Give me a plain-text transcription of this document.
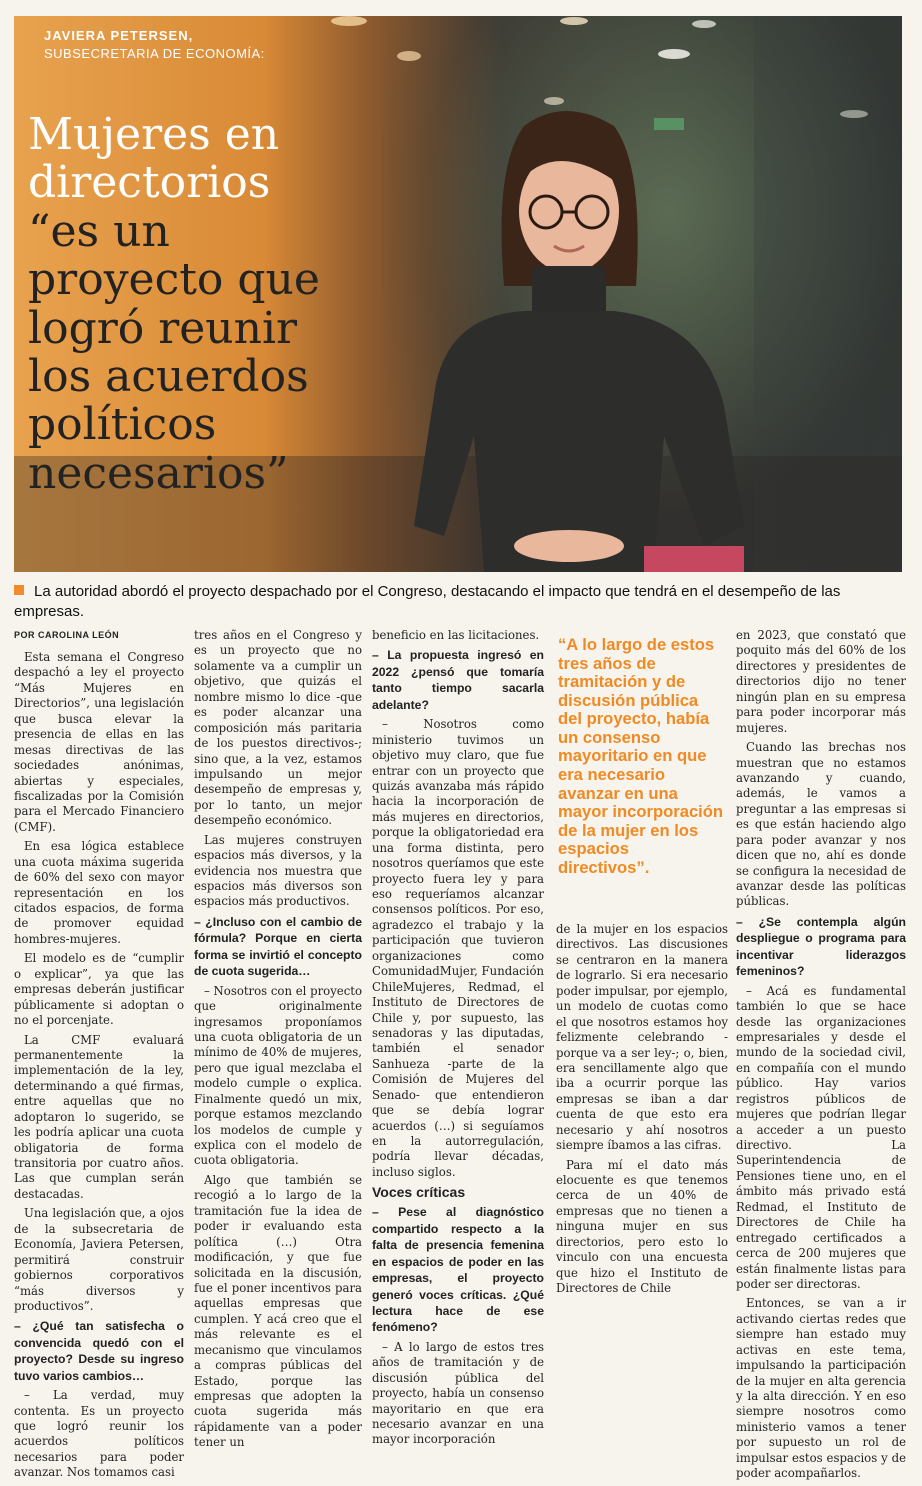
JAVIERA PETERSEN,
SUBSECRETARIA DE ECONOMÍA:
Mujeres en
directorios
“es un
proyecto que
logró reunir
los acuerdos
políticos
necesarios”
La autoridad abordó el proyecto despachado por el Congreso, destacando el impacto que tendrá en el desempeño de las empresas.

POR CAROLINA LEÓN

Esta semana el Congreso despachó a ley el proyecto “Más Mujeres en Directorios”, una legislación que busca elevar la presencia de ellas en las mesas directivas de las sociedades anónimas, abiertas y especiales, fiscalizadas por la Comisión para el Mercado Financiero (CMF).

En esa lógica establece una cuota máxima sugerida de 60% del sexo con mayor representación en los citados espacios, de forma de promover equidad hombres-mujeres.

El modelo es de “cumplir o explicar”, ya que las empresas deberán justificar públicamente si adoptan o no el porcenjate.

La CMF evaluará permanentemente la implementación de la ley, determinando a qué firmas, entre aquellas que no adoptaron lo sugerido, se les podría aplicar una cuota obligatoria de forma transitoria por cuatro años. Las que cumplan serán destacadas.

Una legislación que, a ojos de la subsecretaria de Economía, Javiera Petersen, permitirá construir gobiernos corporativos “más diversos y productivos”.

– ¿Qué tan satisfecha o convencida quedó con el proyecto? Desde su ingreso tuvo varios cambios…

– La verdad, muy contenta. Es un proyecto que logró reunir los acuerdos políticos necesarios para poder avanzar. Nos tomamos casi

tres años en el Congreso y es un proyecto que no solamente va a cumplir un objetivo, que quizás el nombre mismo lo dice -que es poder alcanzar una composición más paritaria de los puestos directivos-; sino que, a la vez, estamos impulsando un mejor desempeño de empresas y, por lo tanto, un mejor desempeño económico.

Las mujeres construyen espacios más diversos, y la evidencia nos muestra que espacios más diversos son espacios más productivos.

– ¿Incluso con el cambio de fórmula? Porque en cierta forma se invirtió el concepto de cuota sugerida…

– Nosotros con el proyecto que originalmente ingresamos proponíamos una cuota obligatoria de un mínimo de 40% de mujeres, pero que igual mezclaba el modelo cumple o explica. Finalmente quedó un mix, porque estamos mezclando los modelos de cumple y explica con el modelo de cuota obligatoria.

Algo que también se recogió a lo largo de la tramitación fue la idea de poder ir evaluando esta política (…) Otra modificación, y que fue solicitada en la discusión, fue el poner incentivos para aquellas empresas que cumplen. Y acá creo que el más relevante es el mecanismo que vinculamos a compras públicas del Estado, porque las empresas que adopten la cuota sugerida más rápidamente van a poder tener un

beneficio en las licitaciones.

– La propuesta ingresó en 2022 ¿pensó que tomaría tanto tiempo sacarla adelante?

– Nosotros como ministerio tuvimos un objetivo muy claro, que fue entrar con un proyecto que quizás avanzaba más rápido hacia la incorporación de más mujeres en directorios, porque la obligatoriedad era una forma distinta, pero nosotros queríamos que este proyecto fuera ley y para eso requeríamos alcanzar consensos políticos. Por eso, agradezco el trabajo y la participación que tuvieron organizaciones como ComunidadMujer, Fundación ChileMujeres, Redmad, el Instituto de Directores de Chile y, por supuesto, las senadoras y las diputadas, también el senador Sanhueza -parte de la Comisión de Mujeres del Senado- que entendieron que se debía lograr acuerdos (…) si seguíamos en la autorregulación, podría llevar décadas, incluso siglos.

Voces críticas

– Pese al diagnóstico compartido respecto a la falta de presencia femenina en espacios de poder en las empresas, el proyecto generó voces críticas. ¿Qué lectura hace de ese fenómeno?

– A lo largo de estos tres años de tramitación y de discusión pública del proyecto, había un consenso mayoritario en que era necesario avanzar en una mayor incorporación

“A lo largo de estos tres años de tramitación y de discusión pública del proyecto, había un consenso mayoritario en que era necesario avanzar en una mayor incorporación de la mujer en los espacios directivos”.

de la mujer en los espacios directivos. Las discusiones se centraron en la manera de lograrlo. Si era necesario poder impulsar, por ejemplo, un modelo de cuotas como el que nosotros estamos hoy felizmente celebrando -porque va a ser ley-; o, bien, era sencillamente algo que iba a ocurrir porque las empresas se iban a dar cuenta de que esto era necesario y ahí nosotros siempre íbamos a las cifras.

Para mí el dato más elocuente es que tenemos cerca de un 40% de empresas que no tienen a ninguna mujer en sus directorios, pero esto lo vinculo con una encuesta que hizo el Instituto de Directores de Chile

en 2023, que constató que poquito más del 60% de los directores y presidentes de directorios dijo no tener ningún plan en su empresa para poder incorporar más mujeres.

Cuando las brechas nos muestran que no estamos avanzando y cuando, además, le vamos a preguntar a las empresas si es que están haciendo algo para poder avanzar y nos dicen que no, ahí es donde se configura la necesidad de avanzar desde las políticas públicas.

– ¿Se contempla algún despliegue o programa para incentivar liderazgos femeninos?

– Acá es fundamental también lo que se hace desde las organizaciones empresariales y desde el mundo de la sociedad civil, en compañía con el mundo público. Hay varios registros públicos de mujeres que podrían llegar a acceder a un puesto directivo. La Superintendencia de Pensiones tiene uno, en el ámbito más privado está Redmad, el Instituto de Directores de Chile ha entregado certificados a cerca de 200 mujeres que están finalmente listas para poder ser directoras.

Entonces, se van a ir activando ciertas redes que siempre han estado muy activas en este tema, impulsando la participación de la mujer en alta gerencia y la alta dirección. Y en eso siempre nosotros como ministerio vamos a tener por supuesto un rol de impulsar estos espacios y de poder acompañarlos.
